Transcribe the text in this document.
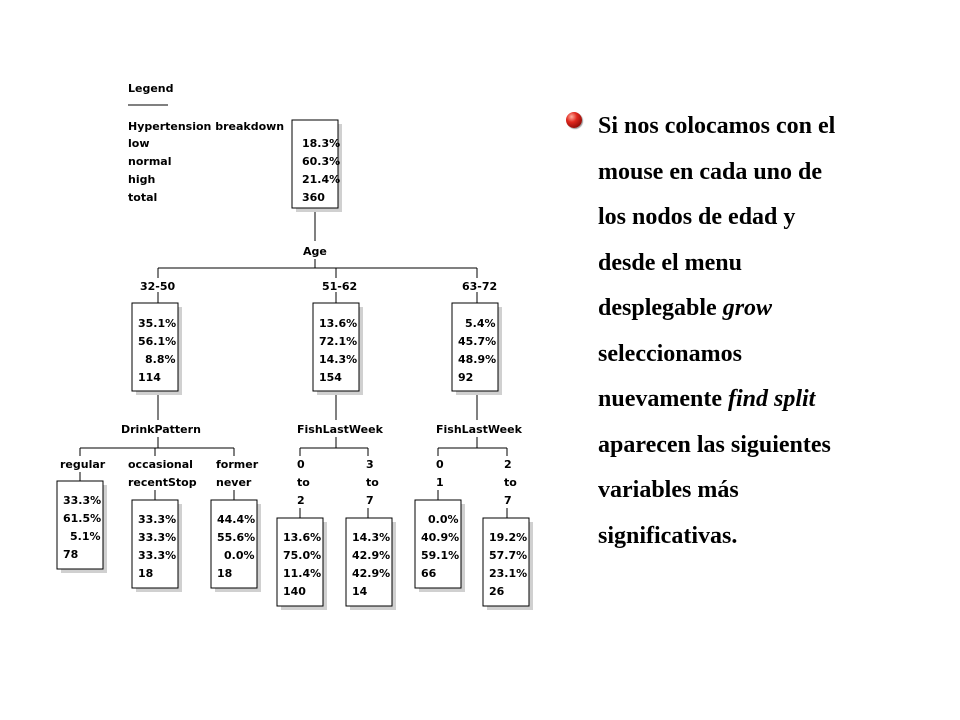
Legend
Hypertension breakdown
low
normal
high
total
18.3%
60.3%
21.4%
360
Age
32-50	51-62	63-72
35.1%
56.1%
8.8%
114
13.6%
72.1%
14.3%
154
5.4%
45.7%
48.9%
92
DrinkPattern	FishLastWeek	FishLastWeek
regular occasional
recentStop
former
never
0
to
2
3
to
7
0
1
2
to
7
33.3%
61.5%
5.1%
78
33.3%
33.3%
33.3%
18
44.4%
55.6%
0.0%
18
13.6%
75.0%
11.4%
140
14.3%
42.9%
42.9%
14
0.0%
40.9%
59.1%
66
19.2%
57.7%
23.1%
26
Si nos colocamos con el
mouse en cada uno de
los nodos de edad y
desde el menu
desplegable grow
seleccionamos
nuevamente find split
aparecen las siguientes
variables más
significativas.
